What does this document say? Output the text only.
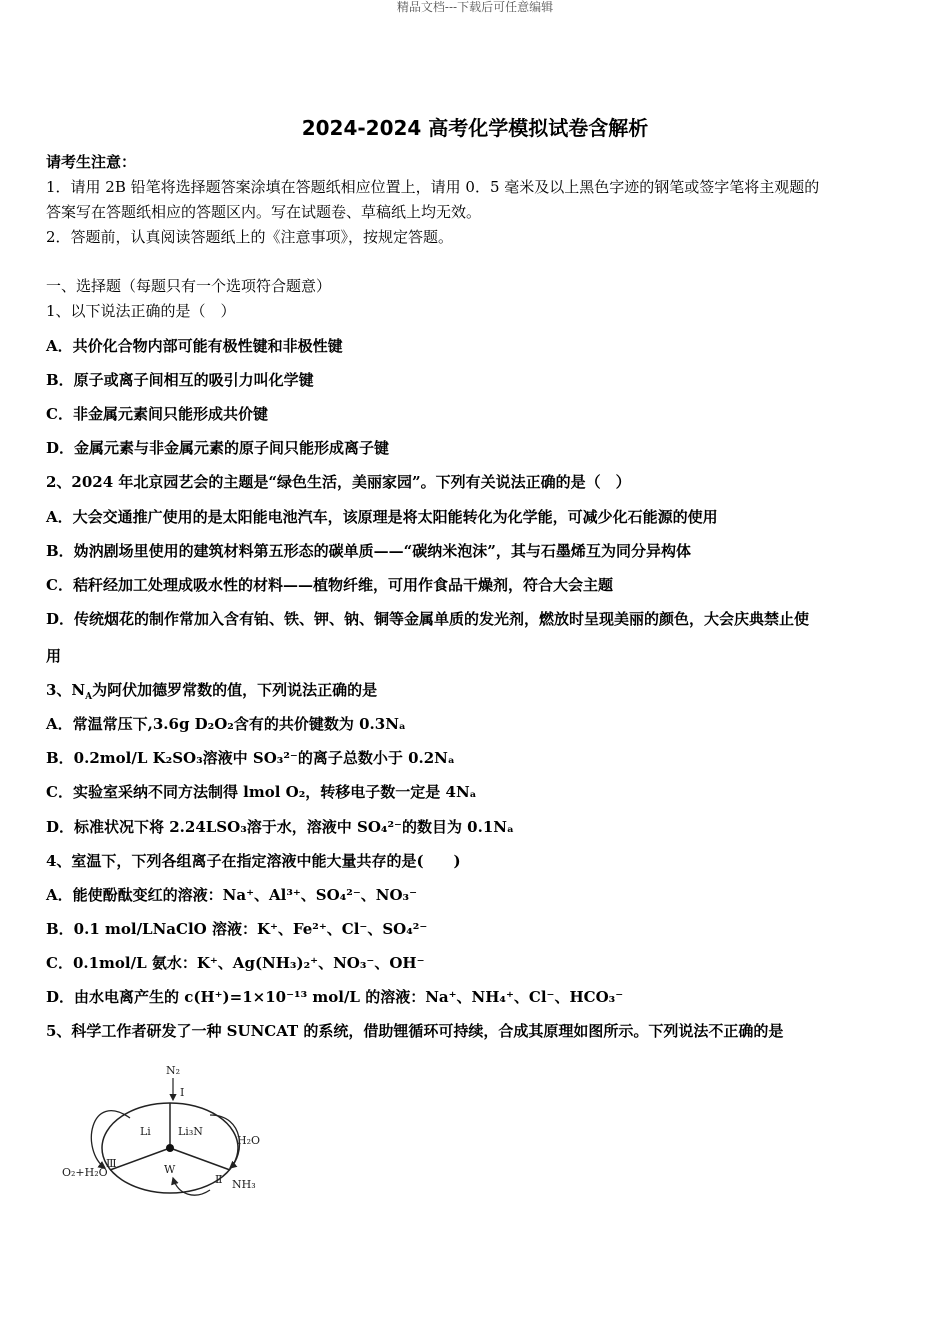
精品文档---下载后可任意编辑
2024-2024 高考化学模拟试卷含解析
请考生注意：
1．请用 2B 铅笔将选择题答案涂填在答题纸相应位置上，请用 0．5 毫米及以上黑色字迹的钢笔或签字笔将主观题的
答案写在答题纸相应的答题区内。写在试题卷、草稿纸上均无效。
2．答题前，认真阅读答题纸上的《注意事项》，按规定答题。
一、选择题（每题只有一个选项符合题意）
1、以下说法正确的是（　）
A．共价化合物内部可能有极性键和非极性键
B．原子或离子间相互的吸引力叫化学键
C．非金属元素间只能形成共价键
D．金属元素与非金属元素的原子间只能形成离子键
2、2024 年北京园艺会的主题是“绿色生活，美丽家园”。下列有关说法正确的是（　）
A．大会交通推广使用的是太阳能电池汽车，该原理是将太阳能转化为化学能，可减少化石能源的使用
B．妫汭剧场里使用的建筑材料第五形态的碳单质——“碳纳米泡沫”，其与石墨烯互为同分异构体
C．秸秆经加工处理成吸水性的材料——植物纤维，可用作食品干燥剂，符合大会主题
D．传统烟花的制作常加入含有铂、铁、钾、钠、铜等金属单质的发光剂，燃放时呈现美丽的颜色，大会庆典禁止使
用
3、$N_A$为阿伏加德罗常数的值，下列说法正确的是
A．常温常压下,3.6g D₂O₂含有的共价键数为 0.3Nₐ
B．0.2mol/L K₂SO₃溶液中 SO₃²⁻的离子总数小于 0.2Nₐ
C．实验室采纳不同方法制得 lmol O₂，转移电子数一定是 4Nₐ
D．标准状况下将 2.24LSO₃溶于水，溶液中 SO₄²⁻的数目为 0.1Nₐ
4、室温下，下列各组离子在指定溶液中能大量共存的是(　　)
A．能使酚酞变红的溶液：Na⁺、Al³⁺、SO₄²⁻、NO₃⁻
B．0.1 mol/LNaClO 溶液：K⁺、Fe²⁺、Cl⁻、SO₄²⁻
C．0.1mol/L 氨水：K⁺、Ag(NH₃)₂⁺、NO₃⁻、OH⁻
D．由水电离产生的 c(H⁺)=1×10⁻¹³ mol/L 的溶液：Na⁺、NH₄⁺、Cl⁻、HCO₃⁻
5、科学工作者研发了一种 SUNCAT 的系统，借助锂循环可持续，合成其原理如图所示。下列说法不正确的是
N₂
I
Li Li₃N
H₂O
W
Ⅲ
Ⅱ
O₂+H₂O
NH₃
